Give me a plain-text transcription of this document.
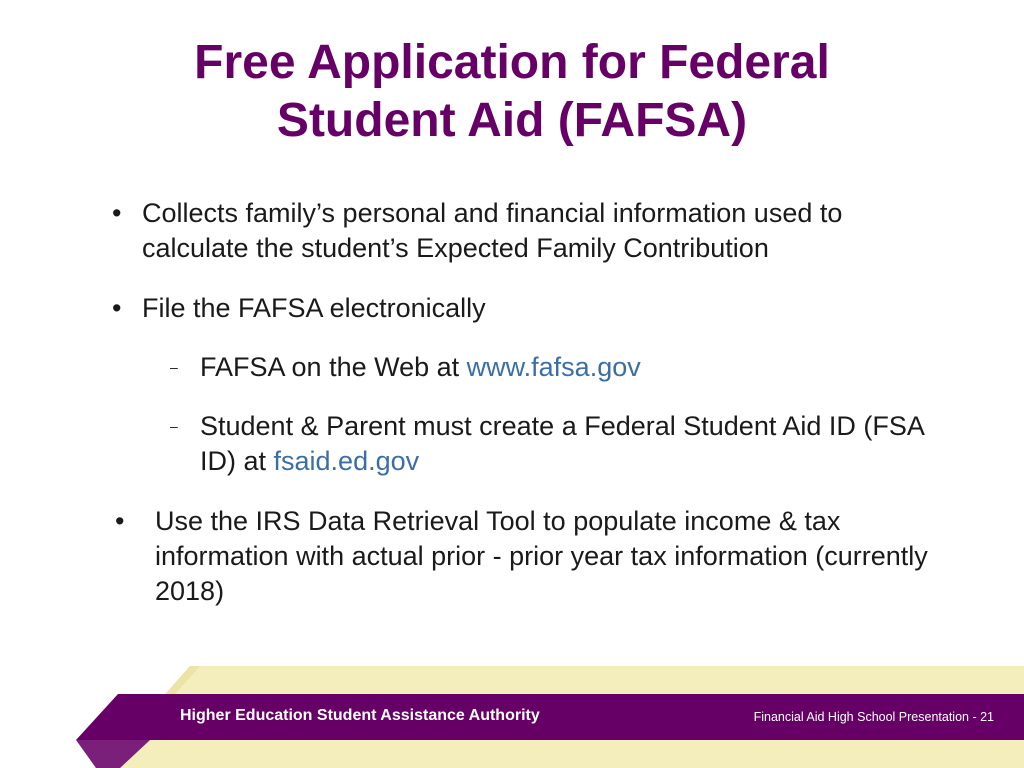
Free Application for Federal
Student Aid (FAFSA)
• Collects family’s personal and financial information used to calculate the student’s Expected Family Contribution
• File the FAFSA electronically
– FAFSA on the Web at www.fafsa.gov
– Student & Parent must create a Federal Student Aid ID (FSA ID) at fsaid.ed.gov
•	Use the IRS Data Retrieval Tool to populate income & tax information with actual prior - prior year tax information (currently 2018)
Higher Education Student Assistance Authority	Financial Aid High School Presentation - 21
